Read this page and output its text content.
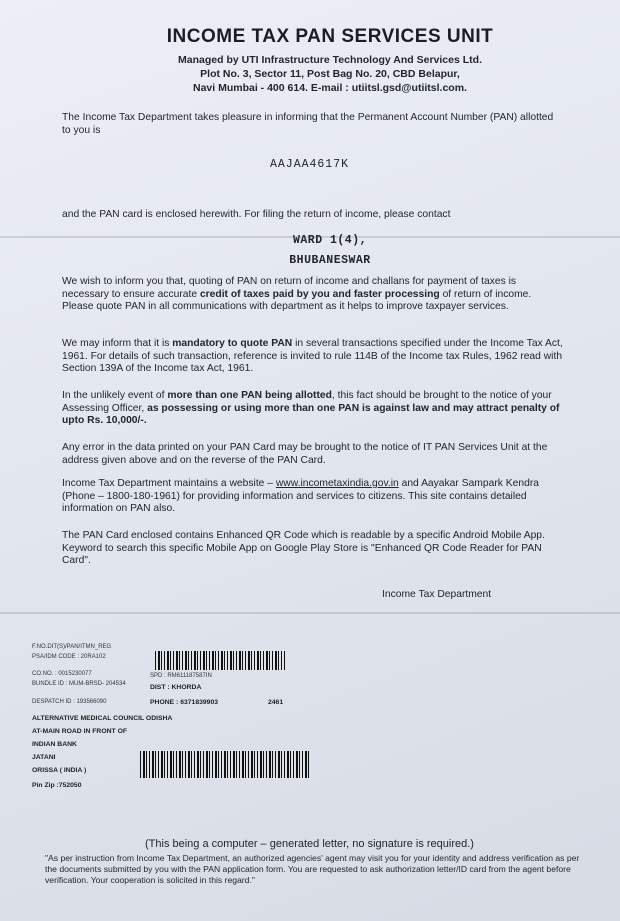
INCOME TAX PAN SERVICES UNIT
Managed by UTI Infrastructure Technology And Services Ltd.
Plot No. 3, Sector 11, Post Bag No. 20, CBD Belapur,
Navi Mumbai - 400 614. E-mail : utiitsl.gsd@utiitsl.com.
The Income Tax Department takes pleasure in informing that the Permanent Account Number (PAN) allotted to you is
AAJAA4617K
and the PAN card is enclosed herewith. For filing the return of income, please contact
WARD 1(4),
BHUBANESWAR
We wish to inform you that, quoting of PAN on return of income and challans for payment of taxes is necessary to ensure accurate credit of taxes paid by you and faster processing of return of income. Please quote PAN in all communications with department as it helps to improve taxpayer services.
We may inform that it is mandatory to quote PAN in several transactions specified under the Income Tax Act, 1961. For details of such transaction, reference is invited to rule 114B of the Income tax Rules, 1962 read with Section 139A of the Income tax Act, 1961.
In the unlikely event of more than one PAN being allotted, this fact should be brought to the notice of your Assessing Officer, as possessing or using more than one PAN is against law and may attract penalty of upto Rs. 10,000/-.
Any error in the data printed on your PAN Card may be brought to the notice of IT PAN Services Unit at the address given above and on the reverse of the PAN Card.
Income Tax Department maintains a website – www.incometaxindia.gov.in and Aayakar Sampark Kendra (Phone – 1800-180-1961) for providing information and services to citizens. This site contains detailed information on PAN also.
The PAN Card enclosed contains Enhanced QR Code which is readable by a specific Android Mobile App. Keyword to search this specific Mobile App on Google Play Store is "Enhanced QR Code Reader for PAN Card".
Income Tax Department
F.NO.DIT(S)/PAN/ITMN_REG
PSA/IDM CODE : 20RA102
CO.NO. : 0015230077
BUNDLE ID : MUM-BRSD- 204534
DESPATCH ID : 193566090
SPD : RM611187587IN
DIST : KHORDA
PHONE : 6371839903	2461
ALTERNATIVE MEDICAL COUNCIL ODISHA
AT-MAIN ROAD IN FRONT OF
INDIAN BANK
JATANI
ORISSA ( INDIA )
Pin Zip :752050
(This being a computer – generated letter, no signature is required.)
"As per instruction from Income Tax Department, an authorized agencies' agent may visit you for your identity and address verification as per the documents submitted by you with the PAN application form. You are requested to ask authorization letter/ID card from the agent before verification. Your cooperation is solicited in this regard."
